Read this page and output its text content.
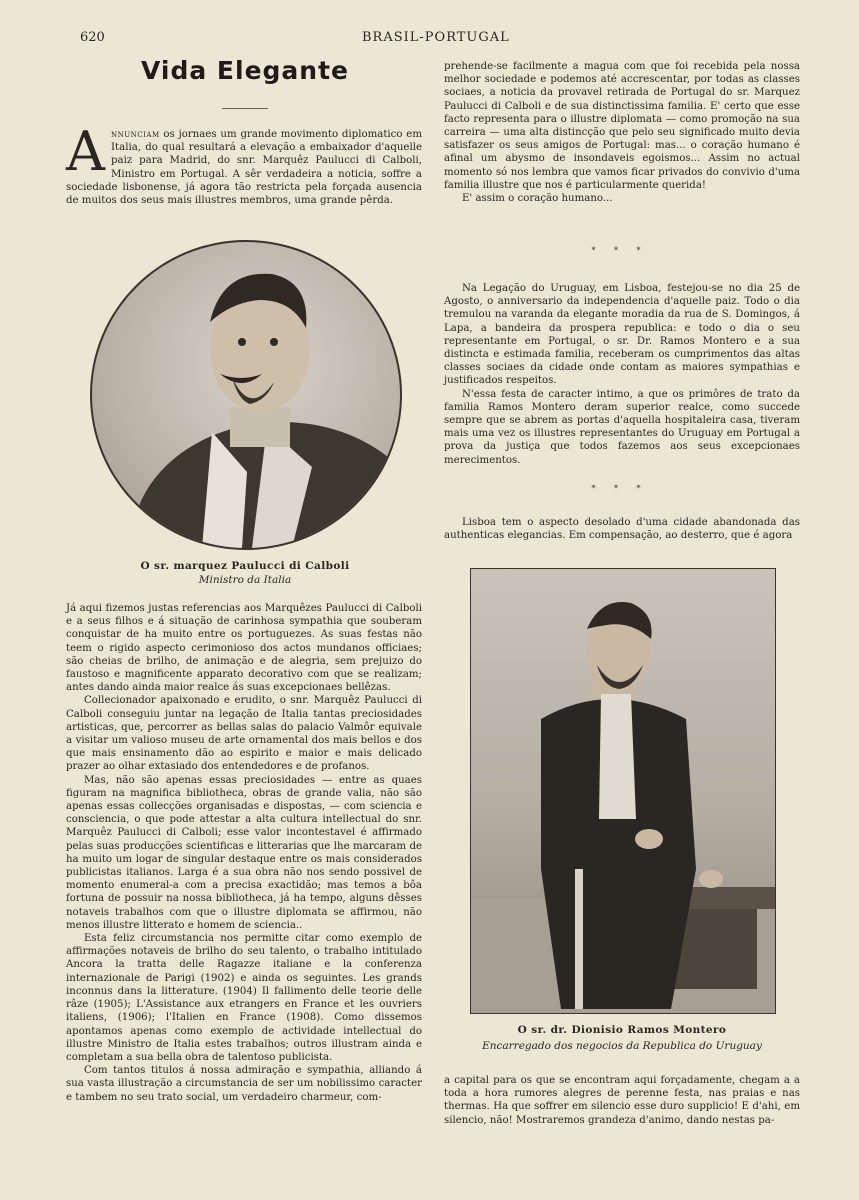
620	BRASIL-PORTUGAL
Vida Elegante
Annunciam os jornaes um grande movimento diplomatico em Italia, do qual resultará a elevação a embaixador d'aquelle paiz para Madrid, do snr. Marquêz Paulucci di Calboli, Ministro em Portugal. A sêr verdadeira a noticia, soffre a sociedade lisbonense, já agora tão restricta pela forçada ausencia de muitos dos seus mais illustres membros, uma grande pêrda.
O sr. marquez Paulucci di Calboli
Ministro da Italia

Já aqui fizemos justas referencias aos Marquêzes Paulucci di Calboli e a seus filhos e á situação de carinhosa sympathia que souberam conquistar de ha muito entre os portuguezes. As suas festas não teem o rigido aspecto cerimonioso dos actos mundanos officiaes; são cheias de brilho, de animação e de alegria, sem prejuizo do faustoso e magnificente apparato decorativo com que se realizam; antes dando ainda maior realce ás suas excepcionaes bellêzas.

Collecionador apaixonado e erudito, o snr. Marquêz Paulucci di Calboli conseguiu juntar na legação de Italia tantas preciosidades artisticas, que, percorrer as bellas salas do palacio Valmôr equivale a visitar um valioso museu de arte ornamental dos mais bellos e dos que mais ensinamento dão ao espirito e maior e mais delicado prazer ao olhar extasiado dos entendedores e de profanos.

Mas, não são apenas essas preciosidades — entre as quaes figuram na magnifica bibliotheca, obras de grande valia, não são apenas essas collecções organisadas e dispostas, — com sciencia e consciencia, o que pode attestar a alta cultura intellectual do snr. Marquêz Paulucci di Calboli; esse valor incontestavel é affirmado pelas suas producções scientificas e litterarias que lhe marcaram de ha muito um logar de singular destaque entre os mais considerados publicistas italianos. Larga é a sua obra não nos sendo possivel de momento enumeral-a com a precisa exactidão; mas temos a bôa fortuna de possuir na nossa bibliotheca, já ha tempo, alguns dêsses notaveis trabalhos com que o illustre diplomata se affirmou, não menos illustre litterato e homem de sciencia..

Esta feliz circumstancia nos permitte citar como exemplo de affirmações notaveis de brilho do seu talento, o trabalho intitulado Ancora la tratta delle Ragazze italiane e la conferenza internazionale de Parigi (1902) e ainda os seguintes. Les grands inconnus dans la litterature. (1904) Il fallimento delle teorie delle râze (1905); L'Assistance aux etrangers en France et les ouvriers italiens, (1906); l'Italien en France (1908). Como dissemos apontamos apenas como exemplo de actividade intellectual do illustre Ministro de Italia estes trabalhos; outros illustram ainda e completam a sua bella obra de talentoso publicista.

Com tantos titulos á nossa admiração e sympathia, alliando á sua vasta illustração a circumstancia de ser um nobilissimo caracter e tambem no seu trato social, um verdadeiro charmeur, com-

prehende-se facilmente a magua com que foi recebida pela nossa melhor sociedade e podemos até accrescentar, por todas as classes sociaes, a noticia da provavel retirada de Portugal do sr. Marquez Paulucci di Calboli e de sua distinctissima familia. E' certo que esse facto representa para o illustre diplomata — como promoção na sua carreira — uma alta distincção que pelo seu significado muito devia satisfazer os seus amigos de Portugal: mas... o coração humano é afinal um abysmo de insondaveis egoismos... Assim no actual momento só nos lembra que vamos ficar privados do convivio d'uma familia illustre que nos é particularmente querida!

E' assim o coração humano...

* * *

Na Legação do Uruguay, em Lisboa, festejou-se no dia 25 de Agosto, o anniversario da independencia d'aquelle paiz. Todo o dia tremulou na varanda da elegante moradia da rua de S. Domingos, á Lapa, a bandeira da prospera republica: e todo o dia o seu representante em Portugal, o sr. Dr. Ramos Montero e a sua distincta e estimada familia, receberam os cumprimentos das altas classes sociaes da cidade onde contam as maiores sympathias e justificados respeitos.

N'essa festa de caracter intimo, a que os primôres de trato da familia Ramos Montero deram superior realce, como succede sempre que se abrem as portas d'aquella hospitaleira casa, tiveram mais uma vez os illustres representantes do Uruguay em Portugal a prova da justiça que todos fazemos aos seus excepcionaes merecimentos.

* * *

Lisboa tem o aspecto desolado d'uma cidade abandonada das authenticas elegancias. Em compensação, ao desterro, que é agora

O sr. dr. Dionisio Ramos Montero
Encarregado dos negocios da Republica do Uruguay

a capital para os que se encontram aqui forçadamente, chegam a a toda a hora rumores alegres de perenne festa, nas praias e nas thermas. Ha que soffrer em silencio esse duro supplicio! E d'ahi, em silencio, não! Mostraremos grandeza d'animo, dando nestas pa-
